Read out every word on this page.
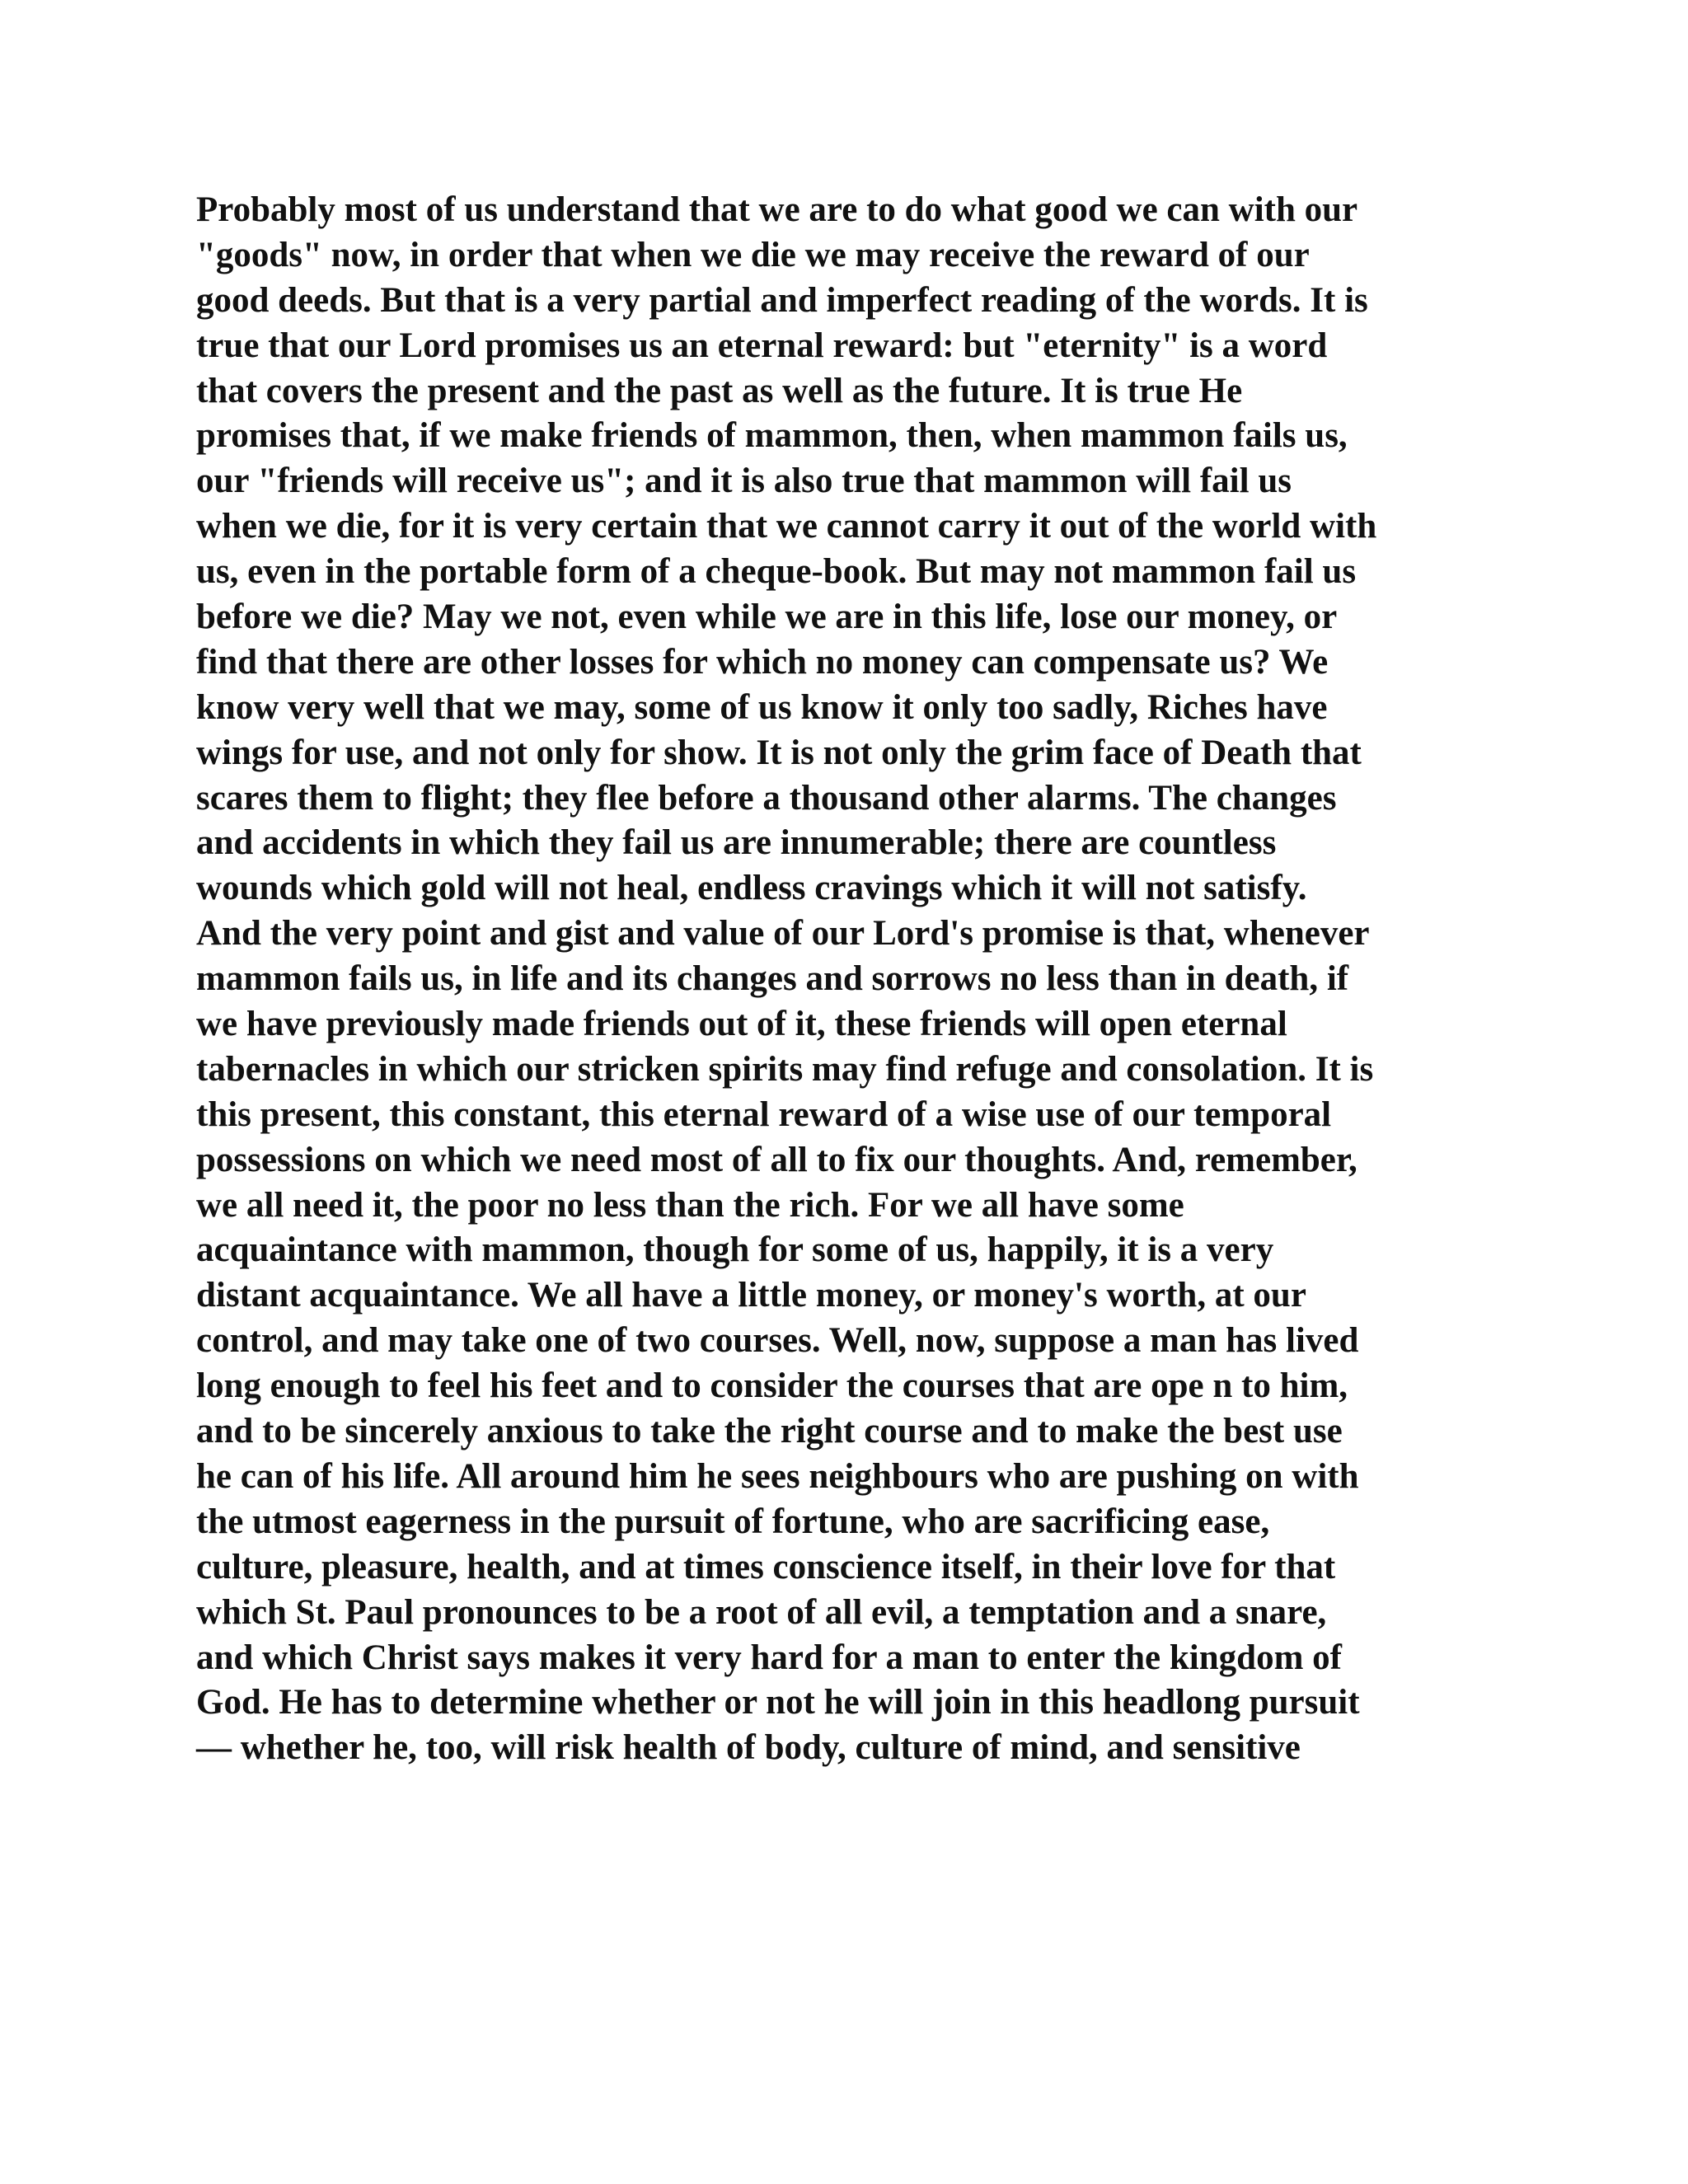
Probably most of us understand that we are to do what good we can with our
"goods" now, in order that when we die we may receive the reward of our
good deeds. But that is a very partial and imperfect reading of the words. It is
true that our Lord promises us an eternal reward: but "eternity" is a word
that covers the present and the past as well as the future. It is true He
promises that, if we make friends of mammon, then, when mammon fails us,
our "friends will receive us"; and it is also true that mammon will fail us
when we die, for it is very certain that we cannot carry it out of the world with
us, even in the portable form of a cheque-book. But may not mammon fail us
before we die? May we not, even while we are in this life, lose our money, or
find that there are other losses for which no money can compensate us? We
know very well that we may, some of us know it only too sadly, Riches have
wings for use, and not only for show. It is not only the grim face of Death that
scares them to flight; they flee before a thousand other alarms. The changes
and accidents in which they fail us are innumerable; there are countless
wounds which gold will not heal, endless cravings which it will not satisfy.
And the very point and gist and value of our Lord's promise is that, whenever
mammon fails us, in life and its changes and sorrows no less than in death, if
we have previously made friends out of it, these friends will open eternal
tabernacles in which our stricken spirits may find refuge and consolation. It is
this present, this constant, this eternal reward of a wise use of our temporal
possessions on which we need most of all to fix our thoughts. And, remember,
we all need it, the poor no less than the rich. For we all have some
acquaintance with mammon, though for some of us, happily, it is a very
distant acquaintance. We all have a little money, or money's worth, at our
control, and may take one of two courses. Well, now, suppose a man has lived
long enough to feel his feet and to consider the courses that are ope n to him,
and to be sincerely anxious to take the right course and to make the best use
he can of his life. All around him he sees neighbours who are pushing on with
the utmost eagerness in the pursuit of fortune, who are sacrificing ease,
culture, pleasure, health, and at times conscience itself, in their love for that
which St. Paul pronounces to be a root of all evil, a temptation and a snare,
and which Christ says makes it very hard for a man to enter the kingdom of
God. He has to determine whether or not he will join in this headlong pursuit
— whether he, too, will risk health of body, culture of mind, and sensitive
